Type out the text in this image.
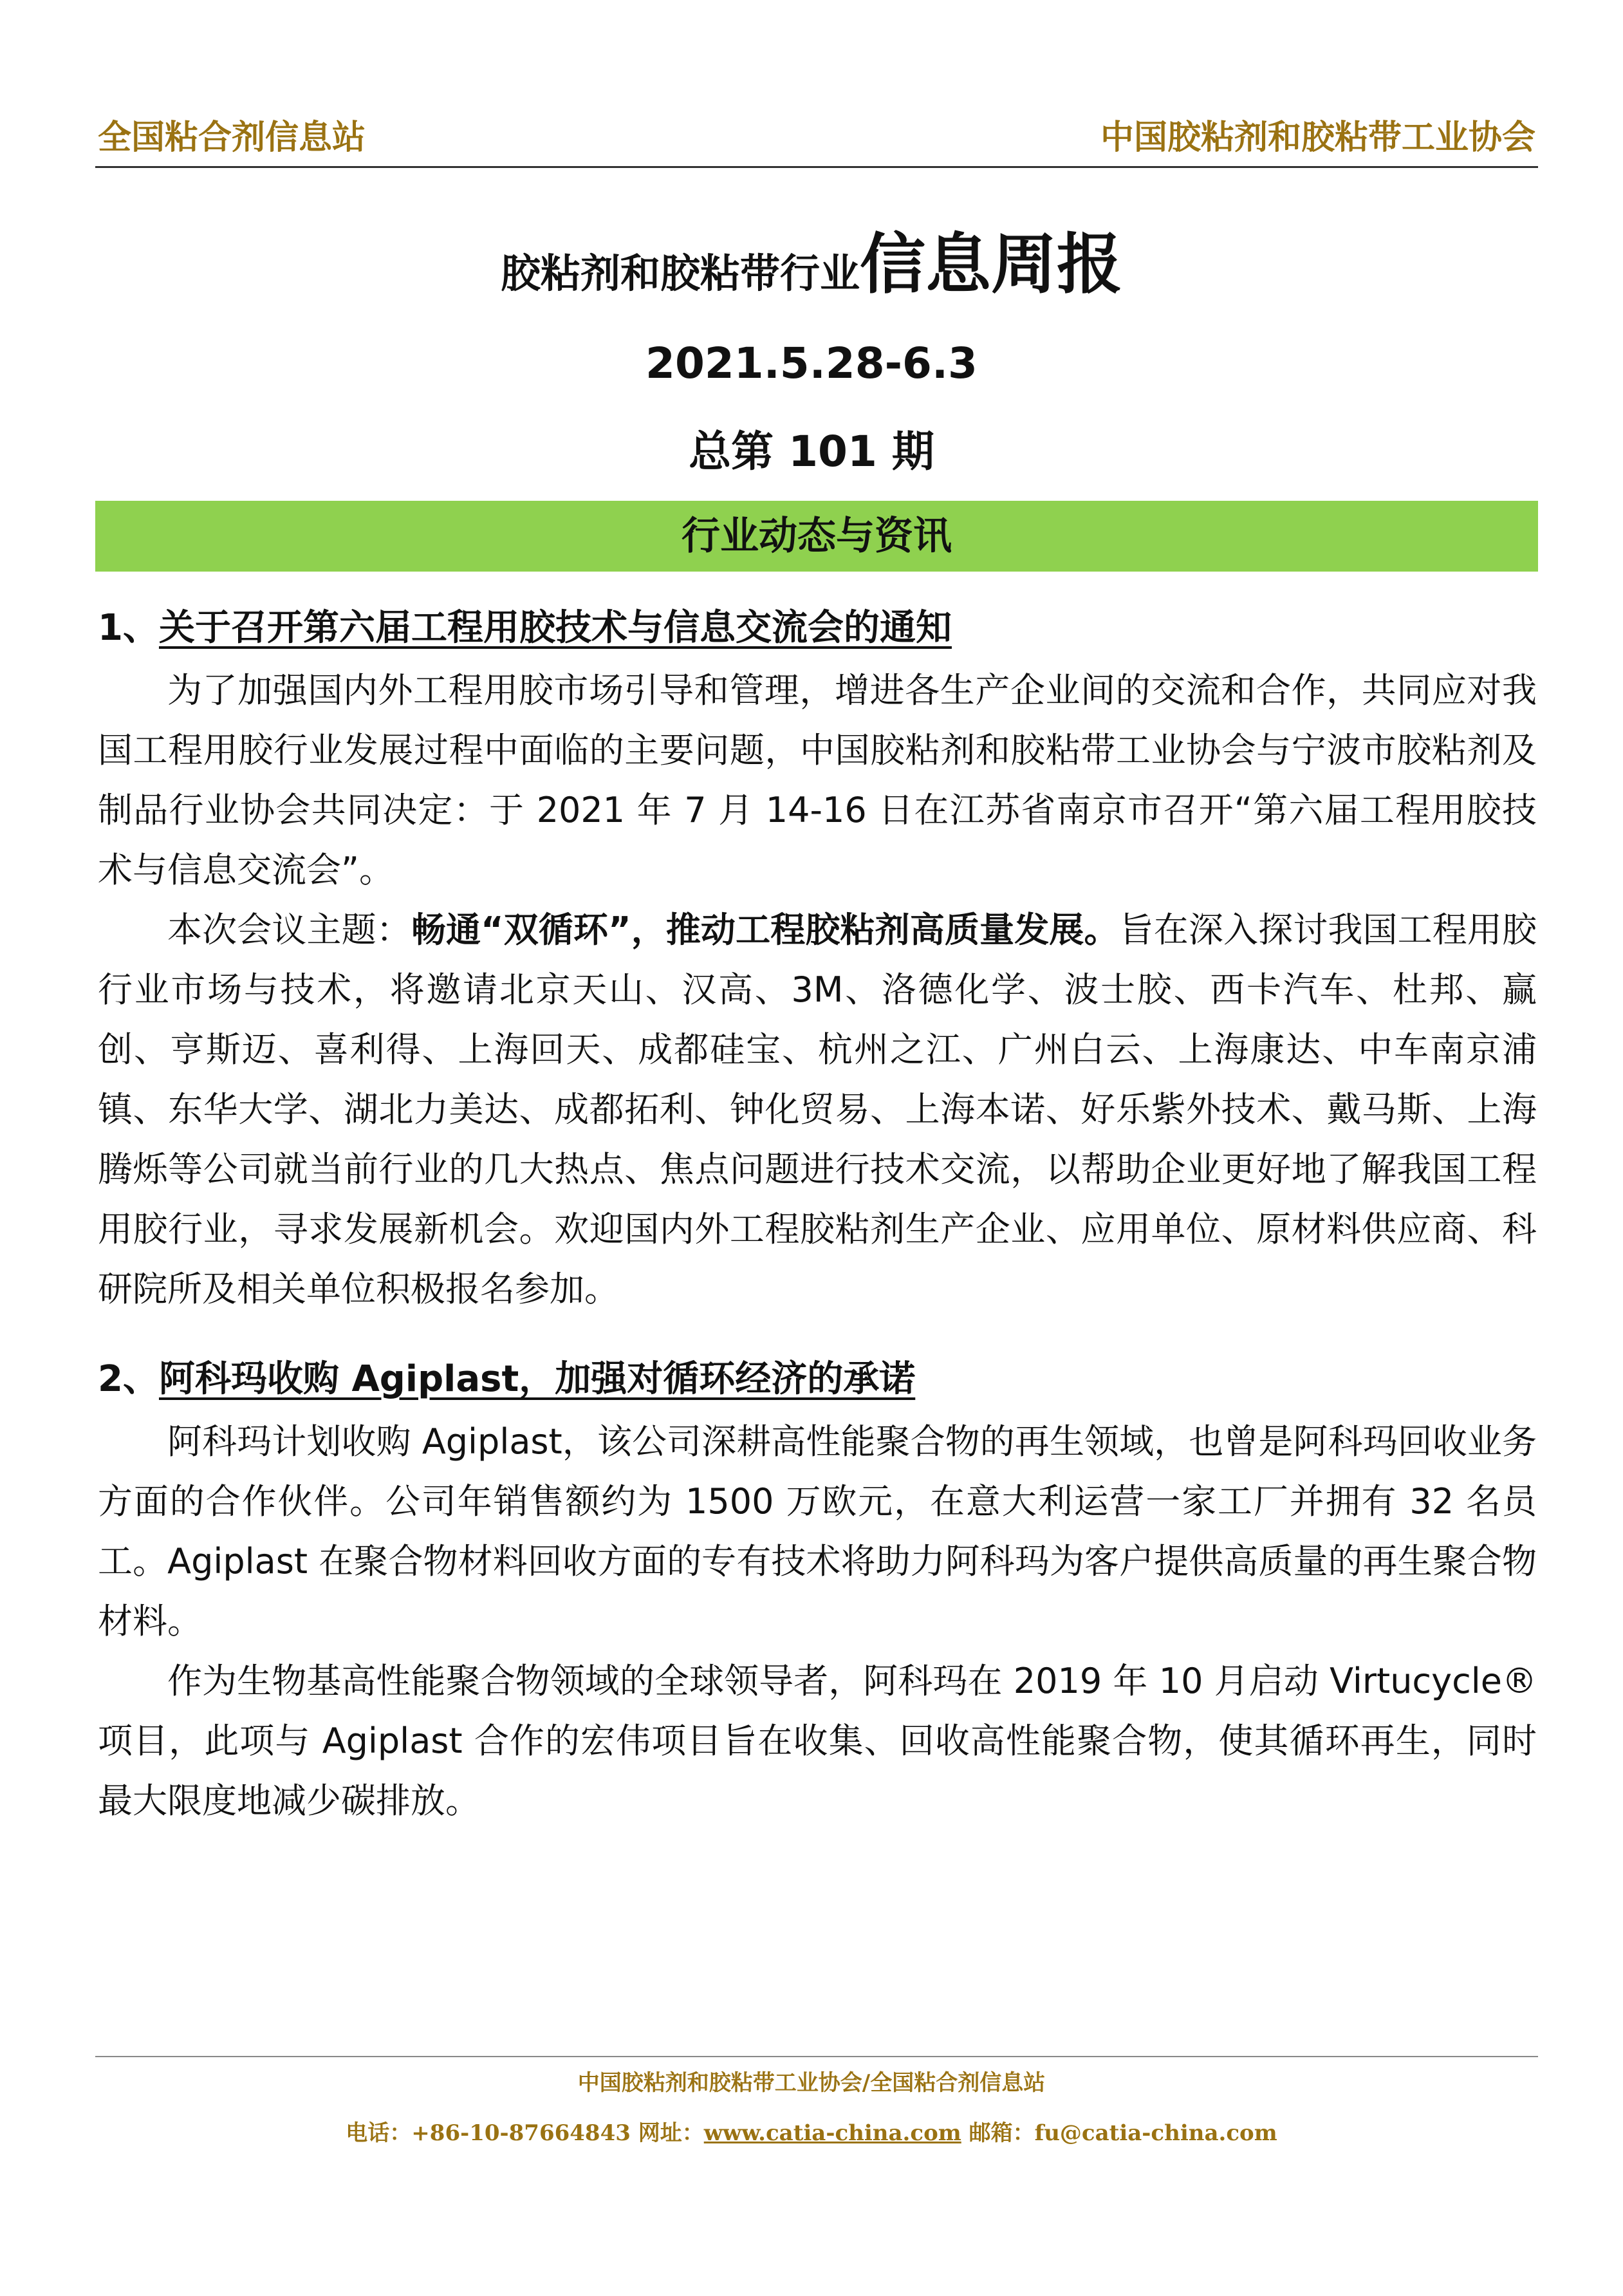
全国粘合剂信息站	中国胶粘剂和胶粘带工业协会
胶粘剂和胶粘带行业信息周报
2021.5.28-6.3
总第 101 期
行业动态与资讯
1、关于召开第六届工程用胶技术与信息交流会的通知

为了加强国内外工程用胶市场引导和管理，增进各生产企业间的交流和合作，共同应对我国工程用胶行业发展过程中面临的主要问题，中国胶粘剂和胶粘带工业协会与宁波市胶粘剂及制品行业协会共同决定：于 2021 年 7 月 14-16 日在江苏省南京市召开“第六届工程用胶技术与信息交流会”。

本次会议主题：畅通“双循环”，推动工程胶粘剂高质量发展。旨在深入探讨我国工程用胶行业市场与技术，将邀请北京天山、汉高、3M、洛德化学、波士胶、西卡汽车、杜邦、赢创、亨斯迈、喜利得、上海回天、成都硅宝、杭州之江、广州白云、上海康达、中车南京浦镇、东华大学、湖北力美达、成都拓利、钟化贸易、上海本诺、好乐紫外技术、戴马斯、上海腾烁等公司就当前行业的几大热点、焦点问题进行技术交流，以帮助企业更好地了解我国工程用胶行业，寻求发展新机会。欢迎国内外工程胶粘剂生产企业、应用单位、原材料供应商、科研院所及相关单位积极报名参加。

2、阿科玛收购 Agiplast，加强对循环经济的承诺

阿科玛计划收购 Agiplast，该公司深耕高性能聚合物的再生领域，也曾是阿科玛回收业务方面的合作伙伴。公司年销售额约为 1500 万欧元，在意大利运营一家工厂并拥有 32 名员工。Agiplast 在聚合物材料回收方面的专有技术将助力阿科玛为客户提供高质量的再生聚合物材料。

作为生物基高性能聚合物领域的全球领导者，阿科玛在 2019 年 10 月启动 Virtucycle®项目，此项与 Agiplast 合作的宏伟项目旨在收集、回收高性能聚合物，使其循环再生，同时最大限度地减少碳排放。

中国胶粘剂和胶粘带工业协会/全国粘合剂信息站
电话：+86-10-87664843 网址：www.catia-china.com 邮箱：fu@catia-china.com
